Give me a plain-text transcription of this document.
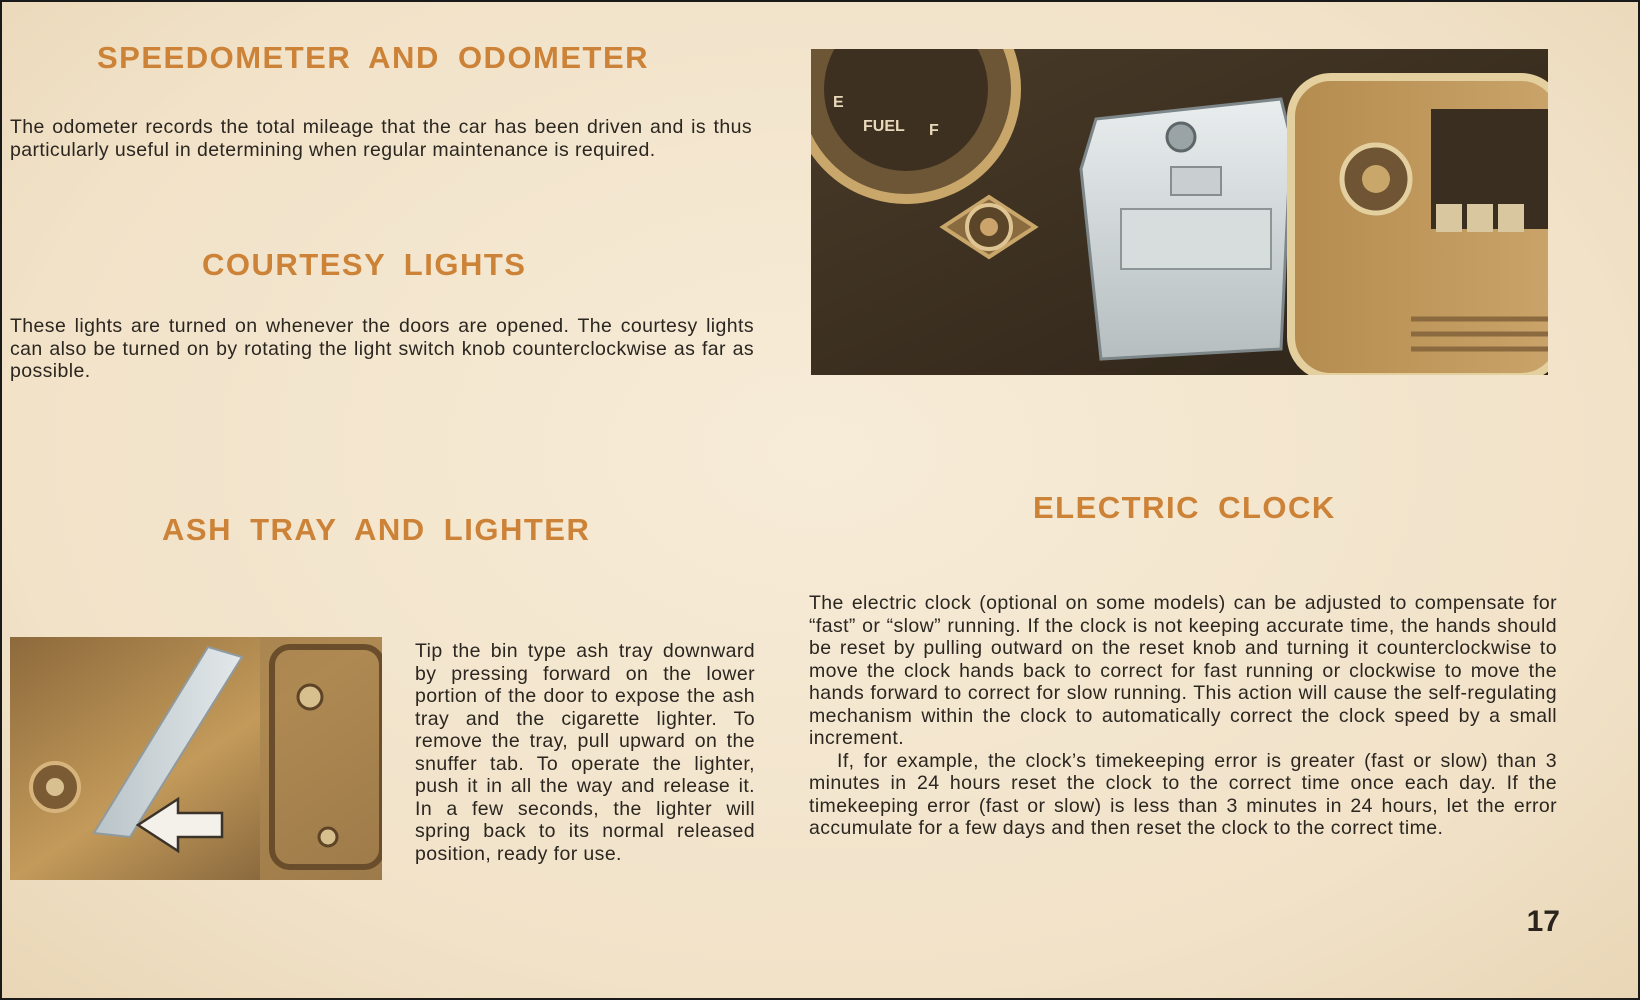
SPEEDOMETER AND ODOMETER

The odometer records the total mileage that the car has been driven and is thus particularly useful in determining when regular maintenance is required.

COURTESY LIGHTS

These lights are turned on whenever the doors are opened. The courtesy lights can also be turned on by rotating the light switch knob counterclockwise as far as possible.

ASH TRAY AND LIGHTER

Tip the bin type ash tray downward by pressing forward on the lower portion of the door to expose the ash tray and the cigarette lighter. To remove the tray, pull upward on the snuffer tab. To operate the lighter, push it in all the way and release it. In a few seconds, the lighter will spring back to its normal released position, ready for use.

E
FUEL F
ELECTRIC CLOCK

The electric clock (optional on some models) can be adjusted to compensate for “fast” or “slow” running. If the clock is not keeping accurate time, the hands should be reset by pulling outward on the reset knob and turning it counterclockwise to move the clock hands back to correct for fast running or clockwise to move the hands forward to correct for slow running. This action will cause the self-regulating mechanism within the clock to automatically correct the clock speed by a small increment.

If, for example, the clock’s timekeeping error is greater (fast or slow) than 3 minutes in 24 hours reset the clock to the correct time once each day. If the timekeeping error (fast or slow) is less than 3 minutes in 24 hours, let the error accumulate for a few days and then reset the clock to the correct time.

17
